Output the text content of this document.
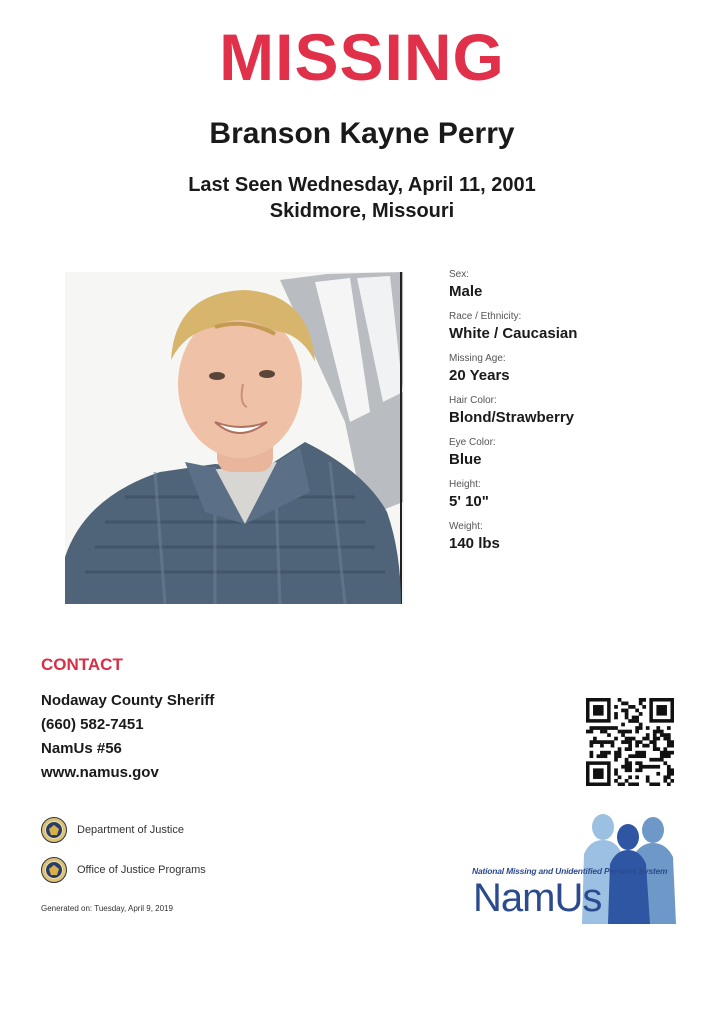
MISSING
Branson Kayne Perry
Last Seen Wednesday, April 11, 2001
Skidmore, Missouri
Sex:
Male
Race / Ethnicity:
White / Caucasian
Missing Age:
20 Years
Hair Color:
Blond/Strawberry
Eye Color:
Blue
Height:
5' 10"
Weight:
140 lbs
CONTACT
Nodaway County Sheriff
(660) 582-7451
NamUs #56
www.namus.gov
Department of Justice
Office of Justice Programs
Generated on: Tuesday, April 9, 2019
National Missing and Unidentified Persons System
NamUs
